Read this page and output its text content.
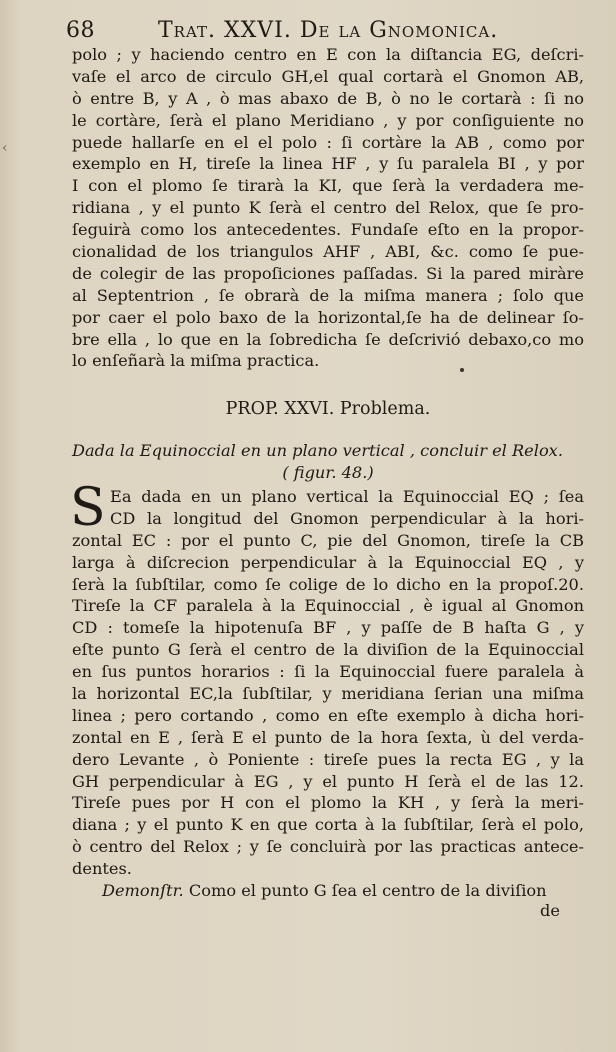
‹
68	Trat. XXVI. De la Gnomonica.
polo ; y haciendo centro en E con la diſtancia EG, deſcri-
vaſe el arco de circulo GH,el qual cortarà el Gnomon AB,
ò entre B, y A , ò mas abaxo de B, ò no le cortarà : ſi no
le cortàre, ſerà el plano Meridiano , y por conſiguiente no
puede hallarſe en el el polo : ſi cortàre la AB , como por
exemplo en H, tireſe la linea HF , y ſu paralela BI , y por
I con el plomo ſe tirarà la KI, que ſerà la verdadera me-
ridiana , y el punto K ſerà el centro del Relox, que ſe pro-
ſeguirà como los antecedentes. Fundaſe eſto en la propor-
cionalidad de los triangulos AHF , ABI, &c. como ſe pue-
de colegir de las propoſiciones paſſadas. Si la pared miràre
al Septentrion , ſe obrarà de la miſma manera ; ſolo que
por caer el polo baxo de la horizontal,ſe ha de delinear ſo-
bre ella , lo que en la ſobredicha ſe deſcrivió debaxo,co mo
lo enſeñarà la miſma practica.
PROP. XXVI. Problema.
Dada la Equinoccial en un plano vertical , concluir el Relox.
( figur. 48.)
S Ea dada en un plano vertical la Equinoccial EQ ; ſea
CD la longitud del Gnomon perpendicular à la hori-
zontal EC : por el punto C, pie del Gnomon, tireſe la CB
larga à diſcrecion perpendicular à la Equinoccial EQ , y
ſerà la ſubſtilar, como ſe colige de lo dicho en la propoſ.20.
Tireſe la CF paralela à la Equinoccial , è igual al Gnomon
CD : tomeſe la hipotenuſa BF , y paſſe de B haſta G , y
eſte punto G ſerà el centro de la diviſion de la Equinoccial
en ſus puntos horarios : ſi la Equinoccial fuere paralela à
la horizontal EC,la ſubſtilar, y meridiana ſerian una miſma
linea ; pero cortando , como en eſte exemplo à dicha hori-
zontal en E , ſerà E el punto de la hora ſexta, ù del verda-
dero Levante , ò Poniente : tireſe pues la recta EG , y la
GH perpendicular à EG , y el punto H ſerà el de las 12.
Tireſe pues por H con el plomo la KH , y ſerà la meri-
diana ; y el punto K en que corta à la ſubſtilar, ſerà el polo,
ò centro del Relox ; y ſe concluirà por las practicas antece-
dentes.
Demonſtr. Como el punto G ſea el centro de la diviſion
de
